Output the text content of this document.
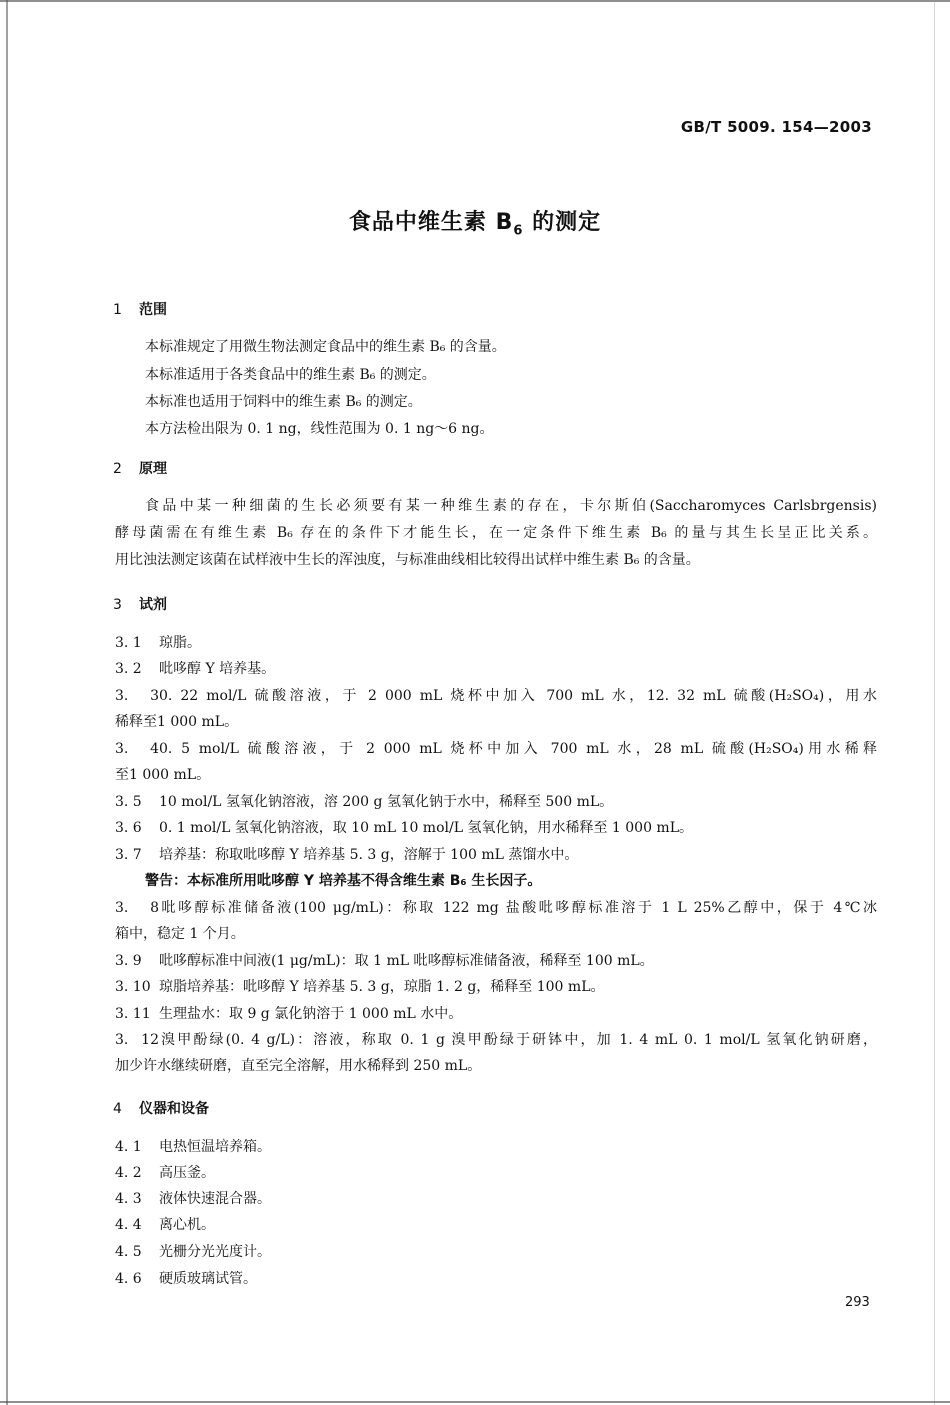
GB/T 5009. 154—2003
食品中维生素 $B_6$ 的测定
1 范围
本标准规定了用微生物法测定食品中的维生素 B₆ 的含量。
本标准适用于各类食品中的维生素 B₆ 的测定。
本标准也适用于饲料中的维生素 B₆ 的测定。
本方法检出限为 0. 1 ng，线性范围为 0. 1 ng～6 ng。
2 原理
食品中某一种细菌的生长必须要有某一种维生素的存在，卡尔斯伯(Saccharomyces Carlsbrgensis)
酵母菌需在有维生素 B₆ 存在的条件下才能生长，在一定条件下维生素 B₆ 的量与其生长呈正比关系。
用比浊法测定该菌在试样液中生长的浑浊度，与标准曲线相比较得出试样中维生素 B₆ 的含量。
3 试剂
3. 1 琼脂。
3. 2 吡哆醇 Y 培养基。
3. 30. 22 mol/L 硫酸溶液，于 2 000 mL 烧杯中加入 700 mL 水，12. 32 mL 硫酸(H₂SO₄)，用水
稀释至1 000 mL。
3. 40. 5 mol/L 硫酸溶液，于 2 000 mL 烧杯中加入 700 mL 水，28 mL 硫酸(H₂SO₄)用水稀释
至1 000 mL。
3. 5 10 mol/L 氢氧化钠溶液，溶 200 g 氢氧化钠于水中，稀释至 500 mL。
3. 6 0. 1 mol/L 氢氧化钠溶液，取 10 mL 10 mol/L 氢氧化钠，用水稀释至 1 000 mL。
3. 7 培养基：称取吡哆醇 Y 培养基 5. 3 g，溶解于 100 mL 蒸馏水中。
警告：本标准所用吡哆醇 Y 培养基不得含维生素 B₆ 生长因子。
3. 8吡哆醇标准储备液(100 μg/mL)：称取 122 mg 盐酸吡哆醇标准溶于 1 L 25%乙醇中，保于 4℃冰
箱中，稳定 1 个月。
3. 9 吡哆醇标准中间液(1 μg/mL)：取 1 mL 吡哆醇标准储备液，稀释至 100 mL。
3. 10 琼脂培养基：吡哆醇 Y 培养基 5. 3 g，琼脂 1. 2 g，稀释至 100 mL。
3. 11 生理盐水：取 9 g 氯化钠溶于 1 000 mL 水中。
3. 12溴甲酚绿(0. 4 g/L)：溶液，称取 0. 1 g 溴甲酚绿于研钵中，加 1. 4 mL 0. 1 mol/L 氢氧化钠研磨，
加少许水继续研磨，直至完全溶解，用水稀释到 250 mL。
4 仪器和设备
4. 1 电热恒温培养箱。
4. 2 高压釜。
4. 3 液体快速混合器。
4. 4 离心机。
4. 5 光栅分光光度计。
4. 6 硬质玻璃试管。
293
